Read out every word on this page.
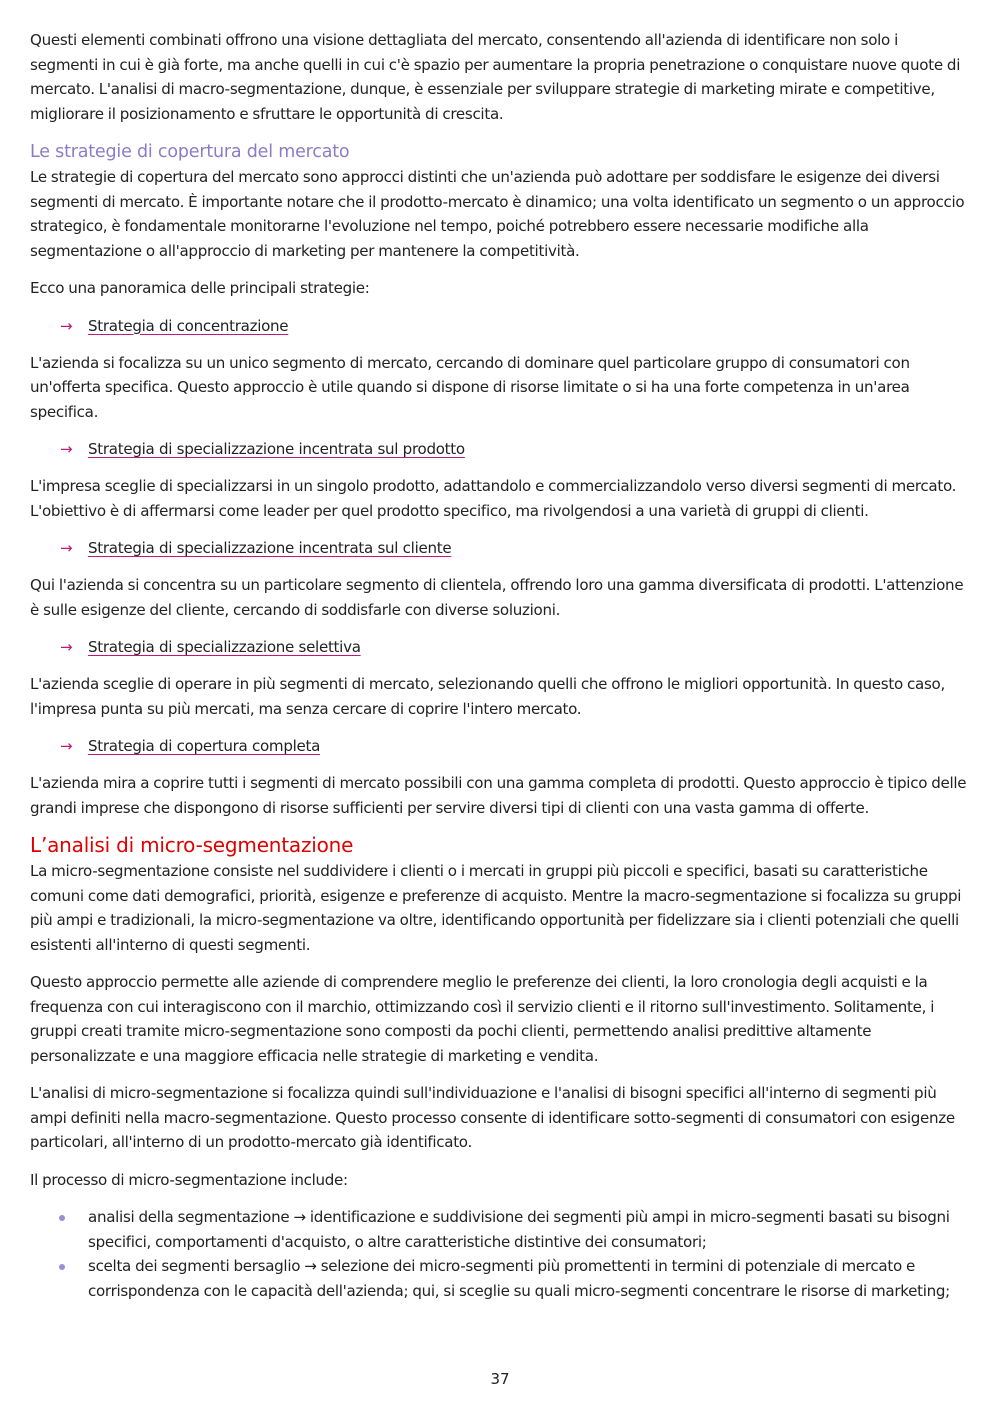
Questi elementi combinati offrono una visione dettagliata del mercato, consentendo all'azienda di identificare non solo i segmenti in cui è già forte, ma anche quelli in cui c'è spazio per aumentare la propria penetrazione o conquistare nuove quote di mercato. L'analisi di macro-segmentazione, dunque, è essenziale per sviluppare strategie di marketing mirate e competitive, migliorare il posizionamento e sfruttare le opportunità di crescita.

Le strategie di copertura del mercato

Le strategie di copertura del mercato sono approcci distinti che un'azienda può adottare per soddisfare le esigenze dei diversi segmenti di mercato. È importante notare che il prodotto-mercato è dinamico; una volta identificato un segmento o un approccio strategico, è fondamentale monitorarne l'evoluzione nel tempo, poiché potrebbero essere necessarie modifiche alla segmentazione o all'approccio di marketing per mantenere la competitività.

Ecco una panoramica delle principali strategie:

→	Strategia di concentrazione

L'azienda si focalizza su un unico segmento di mercato, cercando di dominare quel particolare gruppo di consumatori con un'offerta specifica. Questo approccio è utile quando si dispone di risorse limitate o si ha una forte competenza in un'area specifica.

→	Strategia di specializzazione incentrata sul prodotto

L'impresa sceglie di specializzarsi in un singolo prodotto, adattandolo e commercializzandolo verso diversi segmenti di mercato. L'obiettivo è di affermarsi come leader per quel prodotto specifico, ma rivolgendosi a una varietà di gruppi di clienti.

→	Strategia di specializzazione incentrata sul cliente

Qui l'azienda si concentra su un particolare segmento di clientela, offrendo loro una gamma diversificata di prodotti. L'attenzione è sulle esigenze del cliente, cercando di soddisfarle con diverse soluzioni.

→	Strategia di specializzazione selettiva

L'azienda sceglie di operare in più segmenti di mercato, selezionando quelli che offrono le migliori opportunità. In questo caso, l'impresa punta su più mercati, ma senza cercare di coprire l'intero mercato.

→	Strategia di copertura completa

L'azienda mira a coprire tutti i segmenti di mercato possibili con una gamma completa di prodotti. Questo approccio è tipico delle grandi imprese che dispongono di risorse sufficienti per servire diversi tipi di clienti con una vasta gamma di offerte.

L’analisi di micro-segmentazione

La micro-segmentazione consiste nel suddividere i clienti o i mercati in gruppi più piccoli e specifici, basati su caratteristiche comuni come dati demografici, priorità, esigenze e preferenze di acquisto. Mentre la macro-segmentazione si focalizza su gruppi più ampi e tradizionali, la micro-segmentazione va oltre, identificando opportunità per fidelizzare sia i clienti potenziali che quelli esistenti all'interno di questi segmenti.

Questo approccio permette alle aziende di comprendere meglio le preferenze dei clienti, la loro cronologia degli acquisti e la frequenza con cui interagiscono con il marchio, ottimizzando così il servizio clienti e il ritorno sull'investimento. Solitamente, i gruppi creati tramite micro-segmentazione sono composti da pochi clienti, permettendo analisi predittive altamente personalizzate e una maggiore efficacia nelle strategie di marketing e vendita.

L'analisi di micro-segmentazione si focalizza quindi sull'individuazione e l'analisi di bisogni specifici all'interno di segmenti più ampi definiti nella macro-segmentazione. Questo processo consente di identificare sotto-segmenti di consumatori con esigenze particolari, all'interno di un prodotto-mercato già identificato.

Il processo di micro-segmentazione include:

analisi della segmentazione → identificazione e suddivisione dei segmenti più ampi in micro-segmenti basati su bisogni specifici, comportamenti d'acquisto, o altre caratteristiche distintive dei consumatori;

scelta dei segmenti bersaglio → selezione dei micro-segmenti più promettenti in termini di potenziale di mercato e corrispondenza con le capacità dell'azienda; qui, si sceglie su quali micro-segmenti concentrare le risorse di marketing;

37
